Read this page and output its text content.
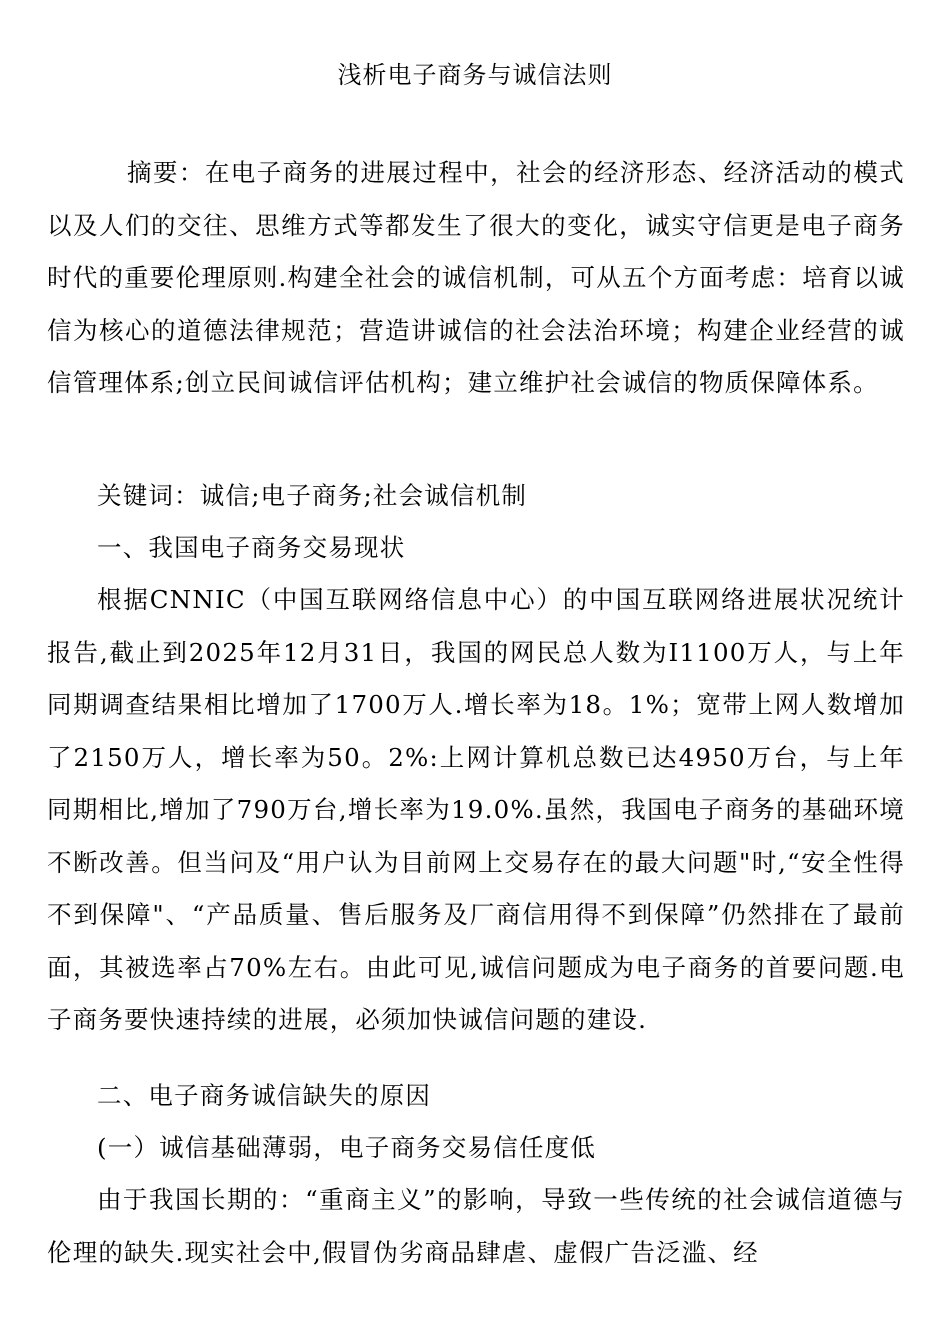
浅析电子商务与诚信法则

摘要：在电子商务的进展过程中，社会的经济形态、经济活动的模式以及人们的交往、思维方式等都发生了很大的变化，诚实守信更是电子商务时代的重要伦理原则.构建全社会的诚信机制，可从五个方面考虑：培育以诚信为核心的道德法律规范；营造讲诚信的社会法治环境；构建企业经营的诚信管理体系;创立民间诚信评估机构；建立维护社会诚信的物质保障体系。

关键词：诚信;电子商务;社会诚信机制

一、我国电子商务交易现状

根据CNNIC（中国互联网络信息中心）的中国互联网络进展状况统计报告,截止到2025年12月31日，我国的网民总人数为I1100万人，与上年同期调查结果相比增加了1700万人.增长率为18。1%；宽带上网人数增加了2150万人，增长率为50。2%:上网计算机总数已达4950万台，与上年同期相比,增加了790万台,增长率为19.0%.虽然，我国电子商务的基础环境不断改善。但当问及“用户认为目前网上交易存在的最大问题"时,“安全性得不到保障"、“产品质量、售后服务及厂商信用得不到保障”仍然排在了最前面，其被选率占70%左右。由此可见,诚信问题成为电子商务的首要问题.电子商务要快速持续的进展，必须加快诚信问题的建设.

二、电子商务诚信缺失的原因

(一）诚信基础薄弱，电子商务交易信任度低

由于我国长期的：“重商主义”的影响，导致一些传统的社会诚信道德与伦理的缺失.现实社会中,假冒伪劣商品肆虐、虚假广告泛滥、经
